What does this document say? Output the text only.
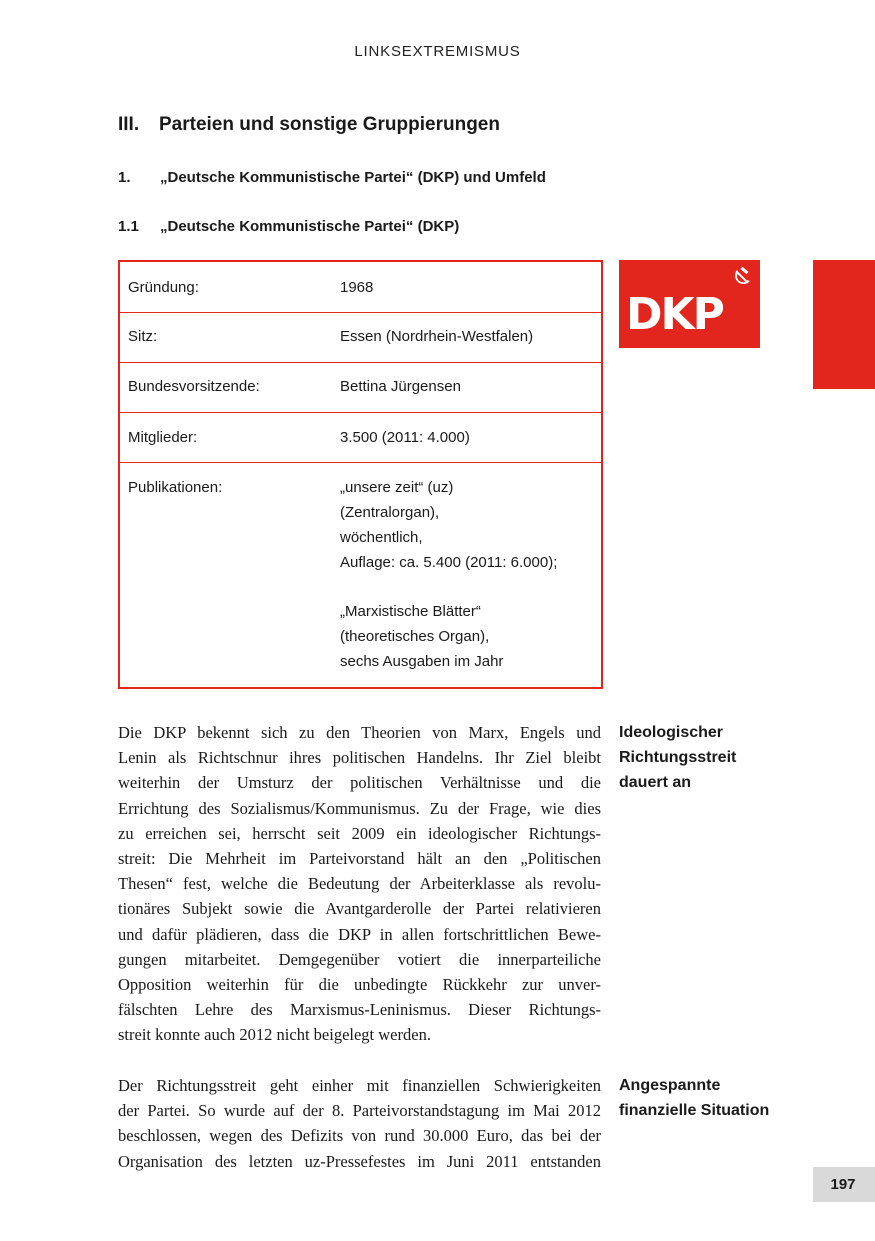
LINKSEXTREMISMUS
III. Parteien und sonstige Gruppierungen
1. „Deutsche Kommunistische Partei“ (DKP) und Umfeld
1.1 „Deutsche Kommunistische Partei“ (DKP)
Gründung:	1968
Sitz:	Essen (Nordrhein-Westfalen)
Bundesvorsitzende:	Bettina Jürgensen
Mitglieder:	3.500 (2011: 4.000)
Publikationen:	„unsere zeit“ (uz)
(Zentralorgan),
wöchentlich,
Auflage: ca. 5.400 (2011: 6.000);
„Marxistische Blätter“
(theoretisches Organ),
sechs Ausgaben im Jahr
DKP

Die DKP bekennt sich zu den Theorien von Marx, Engels und
Lenin als Richtschnur ihres politischen Handelns. Ihr Ziel bleibt
weiterhin der Umsturz der politischen Verhältnisse und die
Errichtung des Sozialismus/Kommunismus. Zu der Frage, wie dies
zu erreichen sei, herrscht seit 2009 ein ideologischer Richtungs-
streit: Die Mehrheit im Parteivorstand hält an den „Politischen
Thesen“ fest, welche die Bedeutung der Arbeiterklasse als revolu-
tionäres Subjekt sowie die Avantgarderolle der Partei relativieren
und dafür plädieren, dass die DKP in allen fortschrittlichen Bewe-
gungen mitarbeitet. Demgegenüber votiert die innerparteiliche
Opposition weiterhin für die unbedingte Rückkehr zur unver-
fälschten Lehre des Marxismus-Leninismus. Dieser Richtungs-
streit konnte auch 2012 nicht beigelegt werden.

Ideologischer
Richtungsstreit
dauert an

Der Richtungsstreit geht einher mit finanziellen Schwierigkeiten
der Partei. So wurde auf der 8. Parteivorstandstagung im Mai 2012
beschlossen, wegen des Defizits von rund 30.000 Euro, das bei der
Organisation des letzten uz-Pressefestes im Juni 2011 entstanden

Angespannte
finanzielle Situation
197
